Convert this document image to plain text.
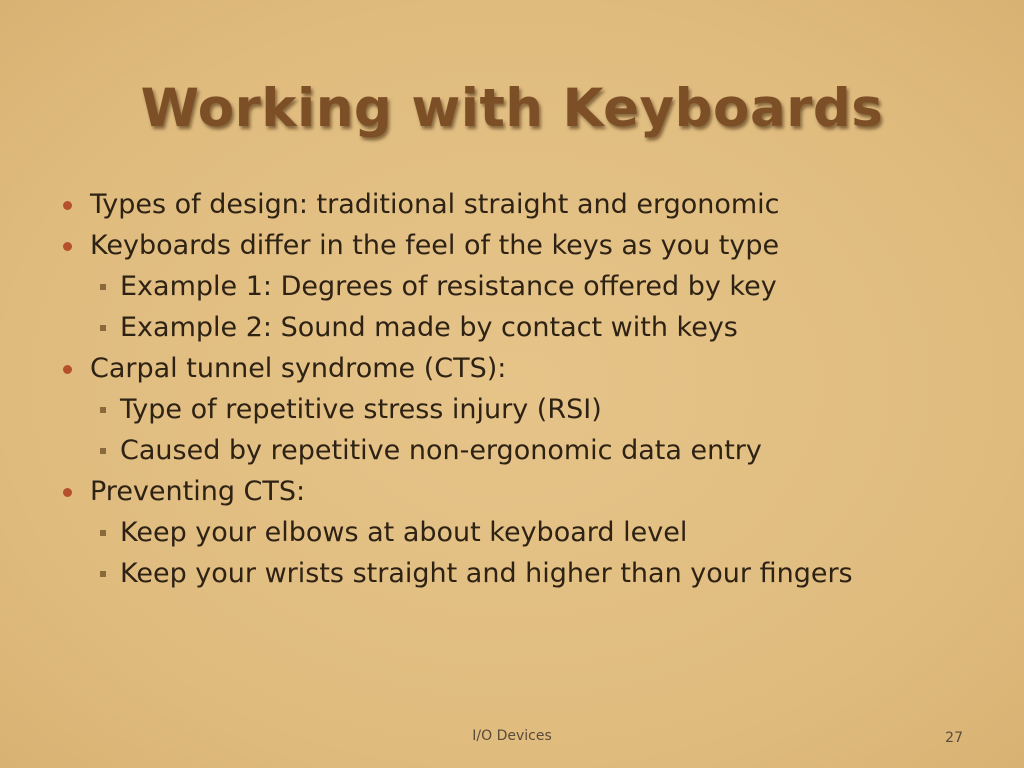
Working with Keyboards
Types of design: traditional straight and ergonomic
Keyboards differ in the feel of the keys as you type
Example 1: Degrees of resistance offered by key
Example 2: Sound made by contact with keys
Carpal tunnel syndrome (CTS):
Type of repetitive stress injury (RSI)
Caused by repetitive non-ergonomic data entry
Preventing CTS:
Keep your elbows at about keyboard level
Keep your wrists straight and higher than your fingers
I/O Devices	27
